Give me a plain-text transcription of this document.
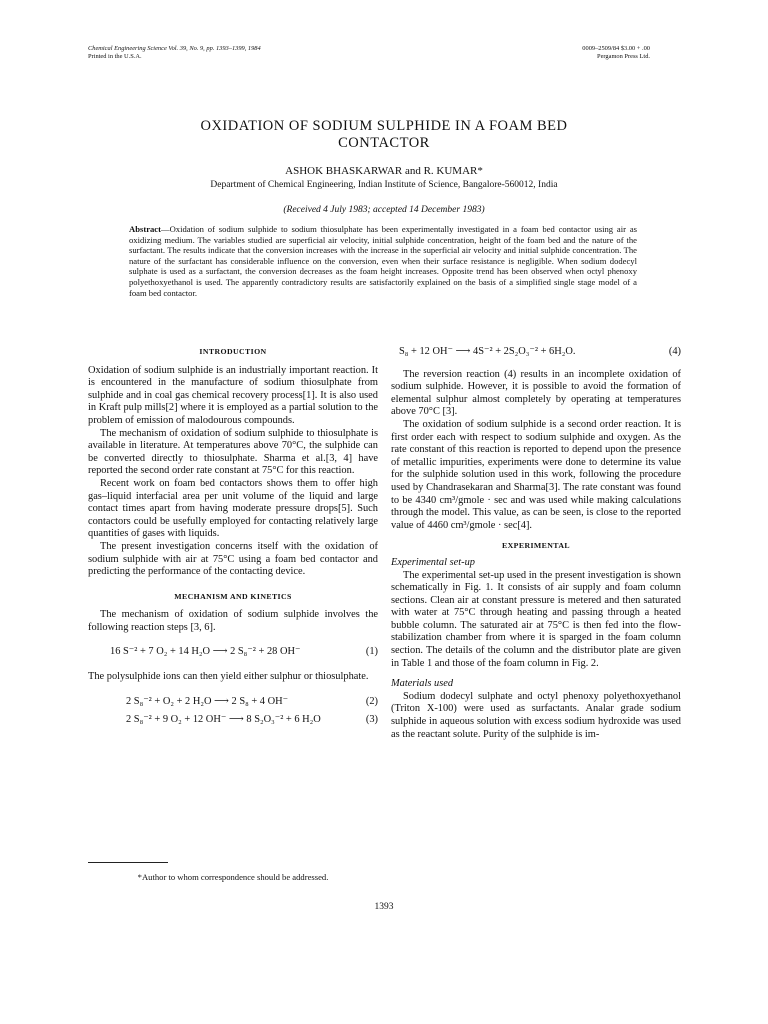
Chemical Engineering Science Vol. 39, No. 9, pp. 1393–1399, 1984
Printed in the U.S.A.
0009–2509/84 $3.00 + .00
Pergamon Press Ltd.
OXIDATION OF SODIUM SULPHIDE IN A FOAM BED
CONTACTOR
ASHOK BHASKARWAR and R. KUMAR*
Department of Chemical Engineering, Indian Institute of Science, Bangalore-560012, India
(Received 4 July 1983; accepted 14 December 1983)
Abstract—Oxidation of sodium sulphide to sodium thiosulphate has been experimentally investigated in a foam bed contactor using air as oxidizing medium. The variables studied are superficial air velocity, initial sulphide concentration, height of the foam bed and the nature of the surfactant. The results indicate that the conversion increases with the increase in the superficial air velocity and initial sulphide concentration. The nature of the surfactant has considerable influence on the conversion, even when their surface resistance is negligible. When sodium dodecyl sulphate is used as a surfactant, the conversion decreases as the foam height increases. Opposite trend has been observed when octyl phenoxy polyethoxyethanol is used. The apparently contradictory results are satisfactorily explained on the basis of a simplified single stage model of a foam bed contactor.
INTRODUCTION

Oxidation of sodium sulphide is an industrially important reaction. It is encountered in the manufacture of sodium thiosulphate from sulphide and in coal gas chemical recovery process[1]. It is also used in Kraft pulp mills[2] where it is employed as a partial solution to the problem of emission of malodourous compounds.

The mechanism of oxidation of sodium sulphide to thiosulphate is available in literature. At temperatures above 70°C, the sulphide can be converted directly to thiosulphate. Sharma et al.[3, 4] have reported the second order rate constant at 75°C for this reaction.

Recent work on foam bed contactors shows them to offer high gas–liquid interfacial area per unit volume of the liquid and large contact times apart from having moderate pressure drops[5]. Such contactors could be usefully employed for contacting relatively large quantities of gases with liquids.

The present investigation concerns itself with the oxidation of sodium sulphide with air at 75°C using a foam bed contactor and predicting the performance of the contacting device.

MECHANISM AND KINETICS

The mechanism of oxidation of sodium sulphide involves the following reaction steps [3, 6].

16 S⁻² + 7 O₂ + 14 H₂O ⟶ 2 S₈⁻² + 28 OH⁻	(1)

The polysulphide ions can then yield either sulphur or thiosulphate.

2 S₈⁻² + O₂ + 2 H₂O ⟶ 2 S₈ + 4 OH⁻	(2)
2 S₈⁻² + 9 O₂ + 12 OH⁻ ⟶ 8 S₂O₃⁻² + 6 H₂O	(3)
*Author to whom correspondence should be addressed.
S₈ + 12 OH⁻ ⟶ 4S⁻² + 2S₂O₃⁻² + 6H₂O.	(4)

The reversion reaction (4) results in an incomplete oxidation of sodium sulphide. However, it is possible to avoid the formation of elemental sulphur almost completely by operating at temperatures above 70°C [3].

The oxidation of sodium sulphide is a second order reaction. It is first order each with respect to sodium sulphide and oxygen. As the rate constant of this reaction is reported to depend upon the presence of metallic impurities, experiments were done to determine its value for the sulphide solution used in this work, following the procedure used by Chandrasekaran and Sharma[3]. The rate constant was found to be 4340 cm³/gmole · sec and was used while making calculations through the model. This value, as can be seen, is close to the reported value of 4460 cm³/gmole · sec[4].

EXPERIMENTAL
Experimental set-up

The experimental set-up used in the present investigation is shown schematically in Fig. 1. It consists of air supply and foam column sections. Clean air at constant pressure is metered and then saturated with water at 75°C through heating and passing through a heated bubble column. The saturated air at 75°C is then fed into the flow-stabilization chamber from where it is sparged in the foam column section. The details of the column and the distributor plate are given in Table 1 and those of the foam column in Fig. 2.

Materials used

Sodium dodecyl sulphate and octyl phenoxy polyethoxyethanol (Triton X-100) were used as surfactants. Analar grade sodium sulphide in aqueous solution with excess sodium hydroxide was used as the reactant solute. Purity of the sulphide is im-

1393
